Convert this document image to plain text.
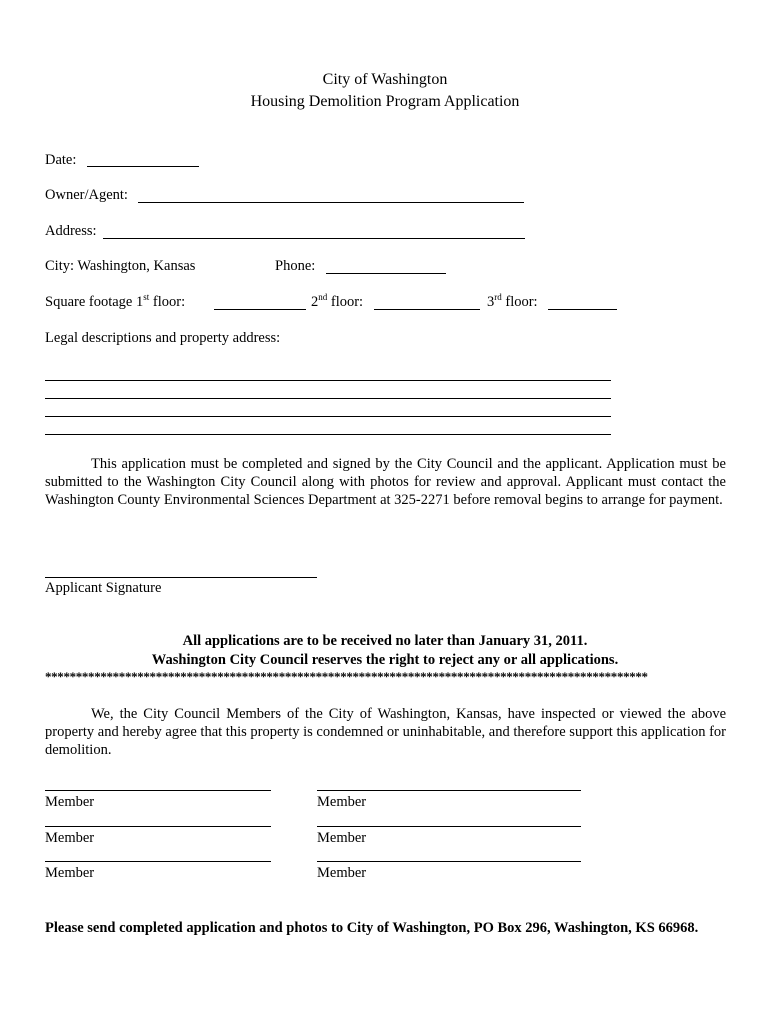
City of Washington
Housing Demolition Program Application
Date:
Owner/Agent:
Address:
City: Washington, Kansas	Phone:
Square footage 1st floor:	2nd floor:	3rd floor:
Legal descriptions and property address:
This application must be completed and signed by the City Council and the applicant. Application must be submitted to the Washington City Council along with photos for review and approval. Applicant must contact the Washington County Environmental Sciences Department at 325-2271 before removal begins to arrange for payment.
Applicant Signature
All applications are to be received no later than January 31, 2011.
Washington City Council reserves the right to reject any or all applications.
**************************************************************************************************
We, the City Council Members of the City of Washington, Kansas, have inspected or viewed the above property and hereby agree that this property is condemned or uninhabitable, and therefore support this application for demolition.
Member	Member
Member	Member
Member	Member
Please send completed application and photos to City of Washington, PO Box 296, Washington, KS 66968.
